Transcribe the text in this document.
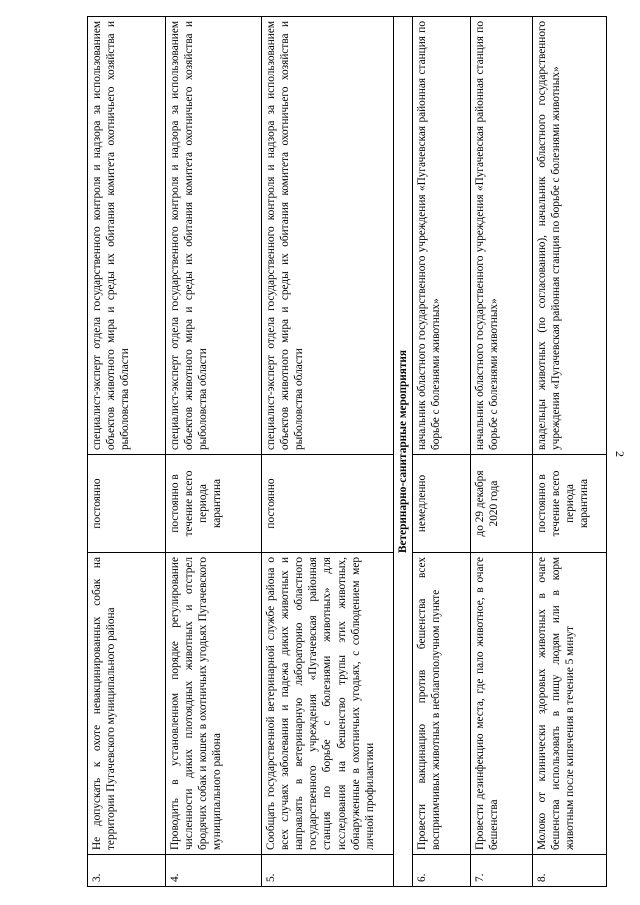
2
3.	Не допускать к охоте невакцинированных собак на территории Пугачевского муниципального района	постоянно	специалист-эксперт отдела государственного контроля и надзора за использованием объектов животного мира и среды их обитания комитета охотничьего хозяйства и рыболовства области
4.	Проводить в установленном порядке регулирование численности диких плотоядных животных и отстрел бродячих собак и кошек в охотничьих угодьях Пугачевского муниципального района	постоянно в течение всего периода карантина	специалист-эксперт отдела государственного контроля и надзора за использованием объектов животного мира и среды их обитания комитета охотничьего хозяйства и рыболовства области
5.	Сообщать государственной ветеринарной службе района о всех случаях заболевания и падежа диких животных и направлять в ветеринарную лабораторию областного государственного учреждения «Пугачевская районная станция по борьбе с болезнями животных» для исследования на бешенство трупы этих животных, обнаруженные в охотничьих угодьях, с соблюдением мер личной профилактики	постоянно	специалист-эксперт отдела государственного контроля и надзора за использованием объектов животного мира и среды их обитания комитета охотничьего хозяйства и рыболовства области
Ветеринарно-санитарные мероприятия			
6.	Провести вакцинацию против бешенства всех восприимчивых животных в неблагополучном пункте	немедленно	начальник областного государственного учреждения «Пугачевская районная станция по борьбе с болезнями животных»
7.	Провести дезинфекцию места, где пало животное, в очаге бешенства	до 29 декабря 2020 года	начальник областного государственного учреждения «Пугачевская районная станция по борьбе с болезнями животных»
8.	Молоко от клинически здоровых животных в очаге бешенства использовать в пищу людям или в корм животным после кипячения в течение 5 минут	постоянно в течение всего периода карантина	владельцы животных (по согласованию), начальник областного государственного учреждения «Пугачевская районная станция по борьбе с болезнями животных»
